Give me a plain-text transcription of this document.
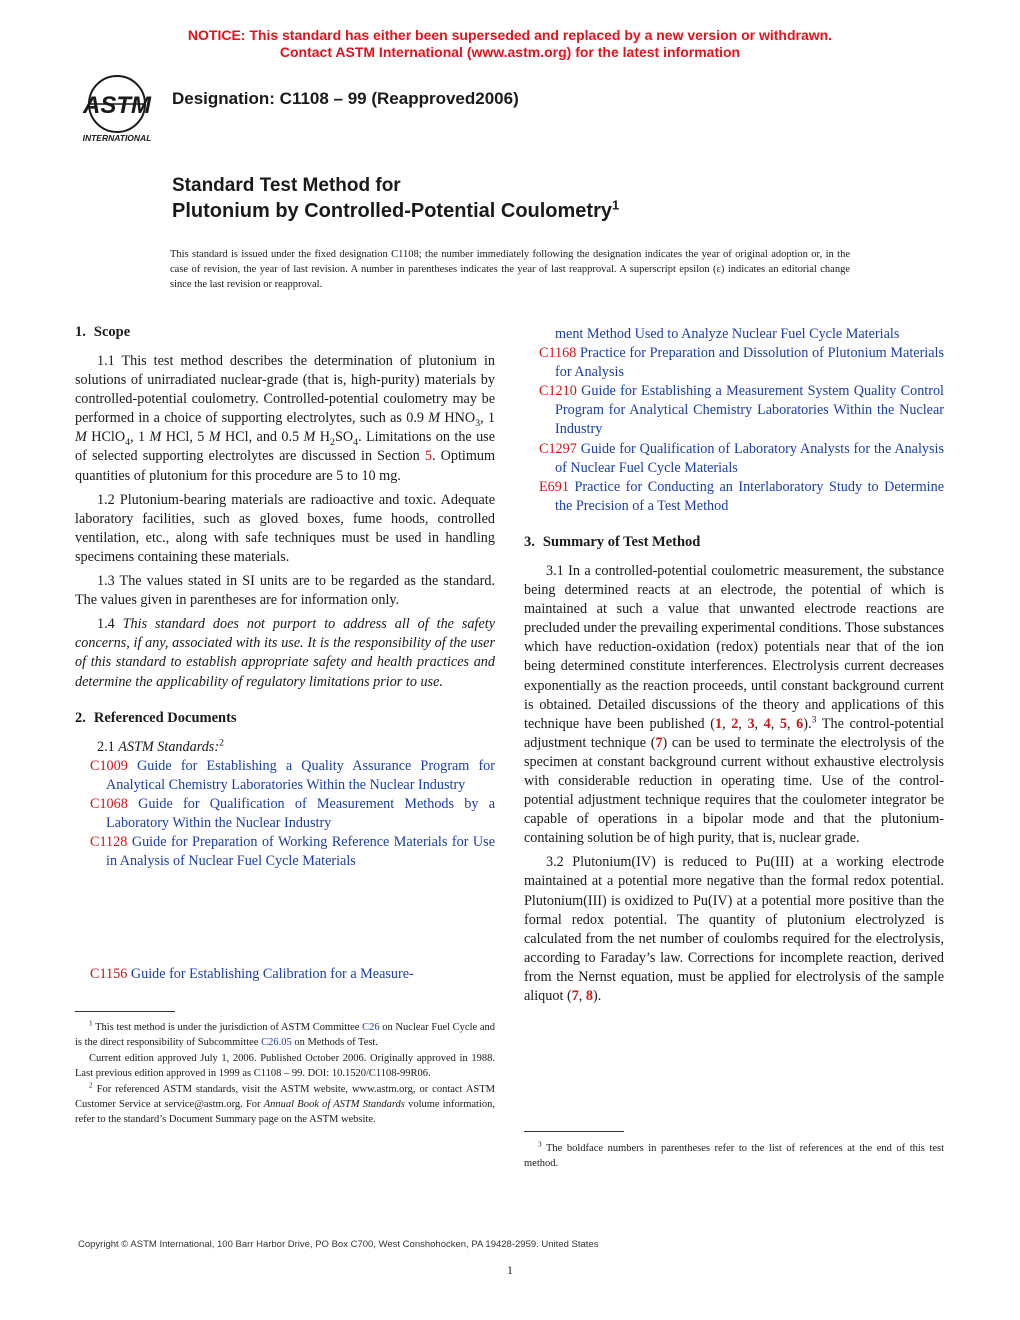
NOTICE: This standard has either been superseded and replaced by a new version or withdrawn.
Contact ASTM International (www.astm.org) for the latest information
ASTM
INTERNATIONAL
Designation: C1108 – 99 (Reapproved2006)
Standard Test Method for
Plutonium by Controlled-Potential Coulometry$^1$
This standard is issued under the fixed designation C1108; the number immediately following the designation indicates the year of original adoption or, in the case of revision, the year of last revision. A number in parentheses indicates the year of last reapproval. A superscript epsilon (ε) indicates an editorial change since the last revision or reapproval.
1. Scope

1.1 This test method describes the determination of plutonium in solutions of unirradiated nuclear-grade (that is, high-purity) materials by controlled-potential coulometry. Controlled-potential coulometry may be performed in a choice of supporting electrolytes, such as 0.9 M $HNO_3$, 1 M HClO$_4$, 1 M HCl, 5 M HCl, and 0.5 M $H_2SO_4$. Limitations on the use of selected supporting electrolytes are discussed in Section 5. Optimum quantities of plutonium for this procedure are 5 to 10 mg.

1.2 Plutonium-bearing materials are radioactive and toxic. Adequate laboratory facilities, such as gloved boxes, fume hoods, controlled ventilation, etc., along with safe techniques must be used in handling specimens containing these materials.

1.3 The values stated in SI units are to be regarded as the standard. The values given in parentheses are for information only.

1.4 This standard does not purport to address all of the safety concerns, if any, associated with its use. It is the responsibility of the user of this standard to establish appropriate safety and health practices and determine the applicability of regulatory limitations prior to use.

2. Referenced Documents

2.1 ASTM Standards:$^2$

C1009 Guide for Establishing a Quality Assurance Program for Analytical Chemistry Laboratories Within the Nuclear Industry

C1068 Guide for Qualification of Measurement Methods by a Laboratory Within the Nuclear Industry

C1128 Guide for Preparation of Working Reference Materials for Use in Analysis of Nuclear Fuel Cycle Materials

C1156 Guide for Establishing Calibration for a Measure-

$^1$ This test method is under the jurisdiction of ASTM Committee C26 on Nuclear Fuel Cycle and is the direct responsibility of Subcommittee C26.05 on Methods of Test.

Current edition approved July 1, 2006. Published October 2006. Originally approved in 1988. Last previous edition approved in 1999 as C1108 – 99. DOI: 10.1520/C1108-99R06.

$^2$ For referenced ASTM standards, visit the ASTM website, www.astm.org, or contact ASTM Customer Service at service@astm.org. For Annual Book of ASTM Standards volume information, refer to the standard’s Document Summary page on the ASTM website.

ment Method Used to Analyze Nuclear Fuel Cycle Materials

C1168 Practice for Preparation and Dissolution of Plutonium Materials for Analysis

C1210 Guide for Establishing a Measurement System Quality Control Program for Analytical Chemistry Laboratories Within the Nuclear Industry

C1297 Guide for Qualification of Laboratory Analysts for the Analysis of Nuclear Fuel Cycle Materials

E691 Practice for Conducting an Interlaboratory Study to Determine the Precision of a Test Method

3. Summary of Test Method

3.1 In a controlled-potential coulometric measurement, the substance being determined reacts at an electrode, the potential of which is maintained at such a value that unwanted electrode reactions are precluded under the prevailing experimental conditions. Those substances which have reduction-oxidation (redox) potentials near that of the ion being determined constitute interferences. Electrolysis current decreases exponentially as the reaction proceeds, until constant background current is obtained. Detailed discussions of the theory and applications of this technique have been published (1, 2, 3, 4, 5, 6).$^3$ The control-potential adjustment technique (7) can be used to terminate the electrolysis of the specimen at constant background current without exhaustive electrolysis with considerable reduction in operating time. Use of the control-potential adjustment technique requires that the coulometer integrator be capable of operations in a bipolar mode and that the plutonium-containing solution be of high purity, that is, nuclear grade.

3.2 Plutonium(IV) is reduced to Pu(III) at a working electrode maintained at a potential more negative than the formal redox potential. Plutonium(III) is oxidized to Pu(IV) at a potential more positive than the formal redox potential. The quantity of plutonium electrolyzed is calculated from the net number of coulombs required for the electrolysis, according to Faraday’s law. Corrections for incomplete reaction, derived from the Nernst equation, must be applied for electrolysis of the sample aliquot (7, 8).

$^3$ The boldface numbers in parentheses refer to the list of references at the end of this test method.

Copyright © ASTM International, 100 Barr Harbor Drive, PO Box C700, West Conshohocken, PA 19428-2959. United States
1
